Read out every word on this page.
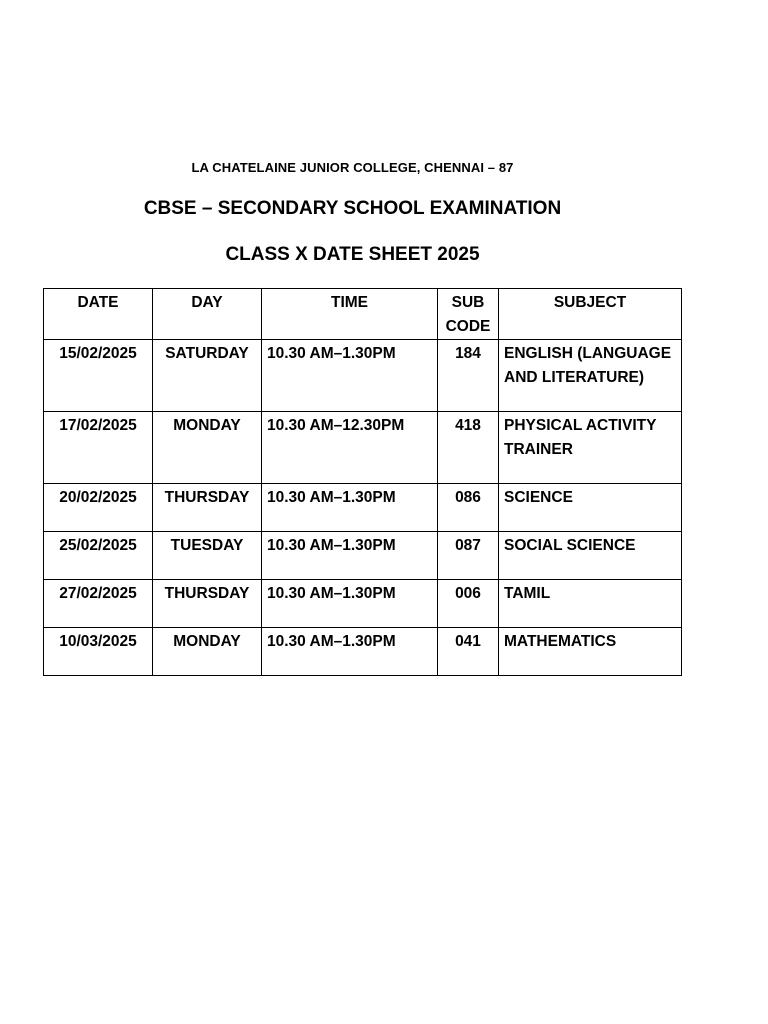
LA CHATELAINE JUNIOR COLLEGE, CHENNAI – 87
CBSE – SECONDARY SCHOOL EXAMINATION
CLASS X DATE SHEET 2025
DATE	DAY	TIME	SUB CODE	SUBJECT
15/02/2025	SATURDAY	10.30 AM–1.30PM	184	ENGLISH (LANGUAGE AND LITERATURE)
17/02/2025	MONDAY	10.30 AM–12.30PM	418	PHYSICAL ACTIVITY TRAINER
20/02/2025	THURSDAY	10.30 AM–1.30PM	086	SCIENCE
25/02/2025	TUESDAY	10.30 AM–1.30PM	087	SOCIAL SCIENCE
27/02/2025	THURSDAY	10.30 AM–1.30PM	006	TAMIL
10/03/2025	MONDAY	10.30 AM–1.30PM	041	MATHEMATICS
